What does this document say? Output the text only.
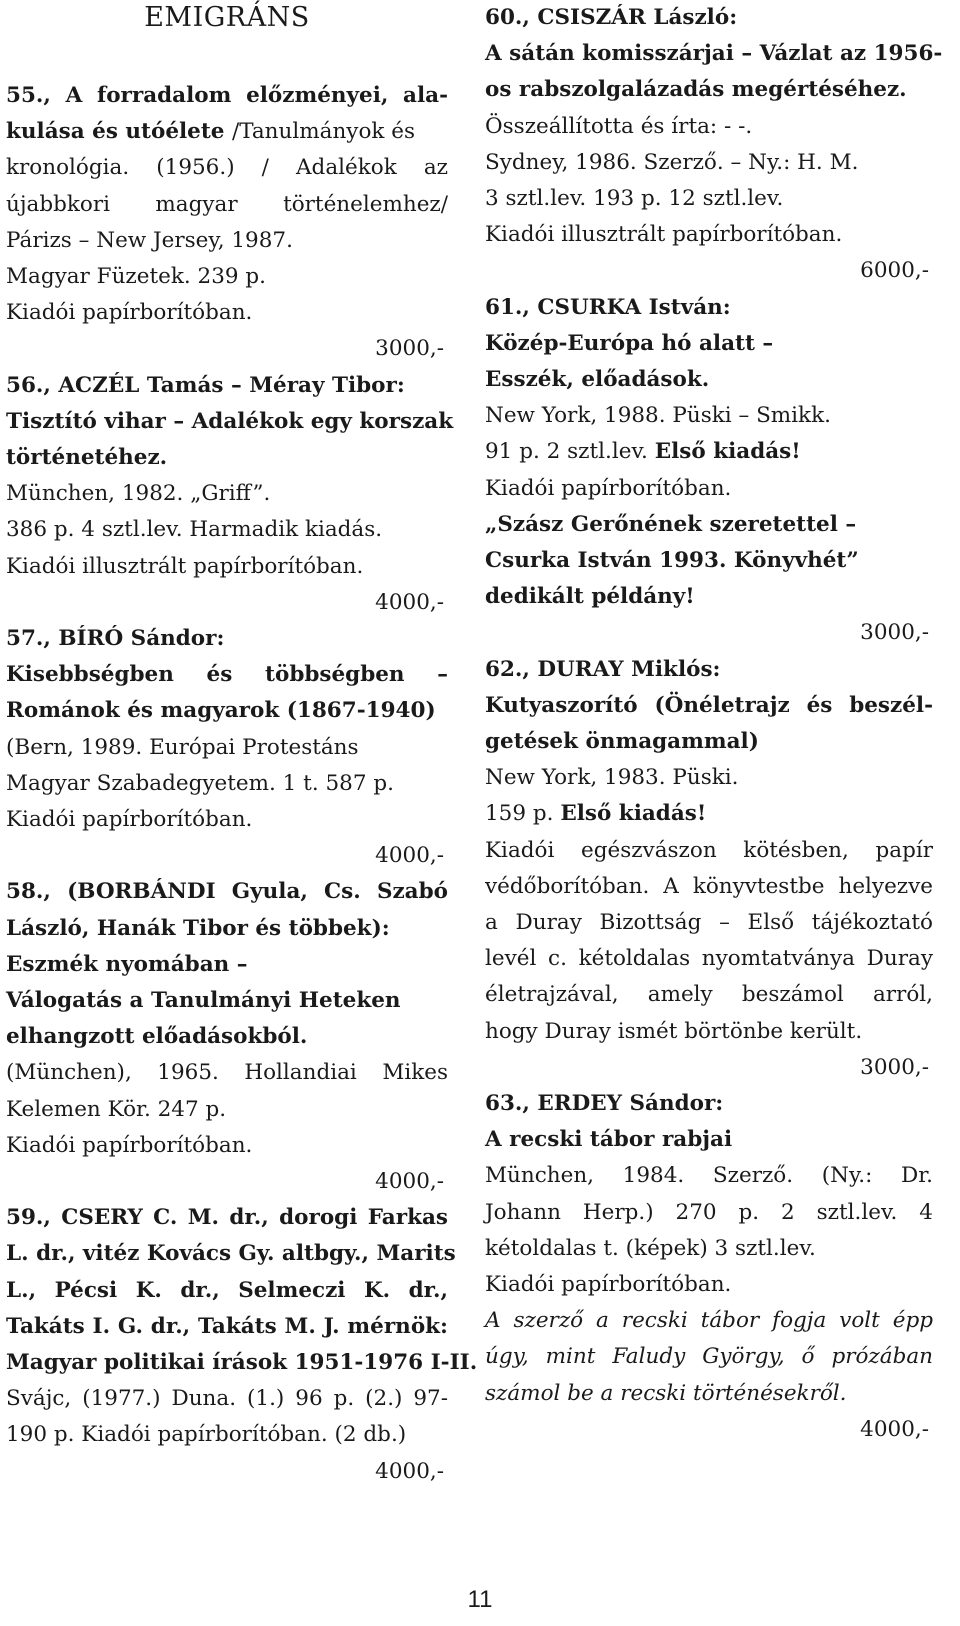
EMIGRÁNS
55., A forradalom előzményei, ala-
kulása és utóélete /Tanulmányok és
kronológia. (1956.) / Adalékok az
újabbkori magyar történelemhez/
Párizs – New Jersey, 1987.
Magyar Füzetek. 239 p.
Kiadói papírborítóban.
3000,-
56., ACZÉL Tamás – Méray Tibor:
Tisztító vihar – Adalékok egy korszak
történetéhez.
München, 1982. „Griff”.
386 p. 4 sztl.lev. Harmadik kiadás.
Kiadói illusztrált papírborítóban.
4000,-
57., BÍRÓ Sándor:
Kisebbségben és többségben –
Románok és magyarok (1867-1940)
(Bern, 1989. Európai Protestáns
Magyar Szabadegyetem. 1 t. 587 p.
Kiadói papírborítóban.
4000,-
58., (BORBÁNDI Gyula, Cs. Szabó
László, Hanák Tibor és többek):
Eszmék nyomában –
Válogatás a Tanulmányi Heteken
elhangzott előadásokból.
(München), 1965. Hollandiai Mikes
Kelemen Kör. 247 p.
Kiadói papírborítóban.
4000,-
59., CSERY C. M. dr., dorogi Farkas
L. dr., vitéz Kovács Gy. altbgy., Marits
L., Pécsi K. dr., Selmeczi K. dr.,
Takáts I. G. dr., Takáts M. J. mérnök:
Magyar politikai írások 1951-1976 I-II.
Svájc, (1977.) Duna. (1.) 96 p. (2.) 97-
190 p. Kiadói papírborítóban. (2 db.)
4000,-
60., CSISZÁR László:
A sátán komisszárjai – Vázlat az 1956-
os rabszolgalázadás megértéséhez.
Összeállította és írta: - -.
Sydney, 1986. Szerző. – Ny.: H. M.
3 sztl.lev. 193 p. 12 sztl.lev.
Kiadói illusztrált papírborítóban.
6000,-
61., CSURKA István:
Közép-Európa hó alatt –
Esszék, előadások.
New York, 1988. Püski – Smikk.
91 p. 2 sztl.lev. Első kiadás!
Kiadói papírborítóban.
„Szász Gerőnének szeretettel –
Csurka István 1993. Könyvhét”
dedikált példány!
3000,-
62., DURAY Miklós:
Kutyaszorító (Önéletrajz és beszél-
getések önmagammal)
New York, 1983. Püski.
159 p. Első kiadás!
Kiadói egészvászon kötésben, papír
védőborítóban. A könyvtestbe helyezve
a Duray Bizottság – Első tájékoztató
levél c. kétoldalas nyomtatványa Duray
életrajzával, amely beszámol arról,
hogy Duray ismét börtönbe került.
3000,-
63., ERDEY Sándor:
A recski tábor rabjai
München, 1984. Szerző. (Ny.: Dr.
Johann Herp.) 270 p. 2 sztl.lev. 4
kétoldalas t. (képek) 3 sztl.lev.
Kiadói papírborítóban.
A szerző a recski tábor fogja volt épp
úgy, mint Faludy György, ő prózában
számol be a recski történésekről.
4000,-
11
